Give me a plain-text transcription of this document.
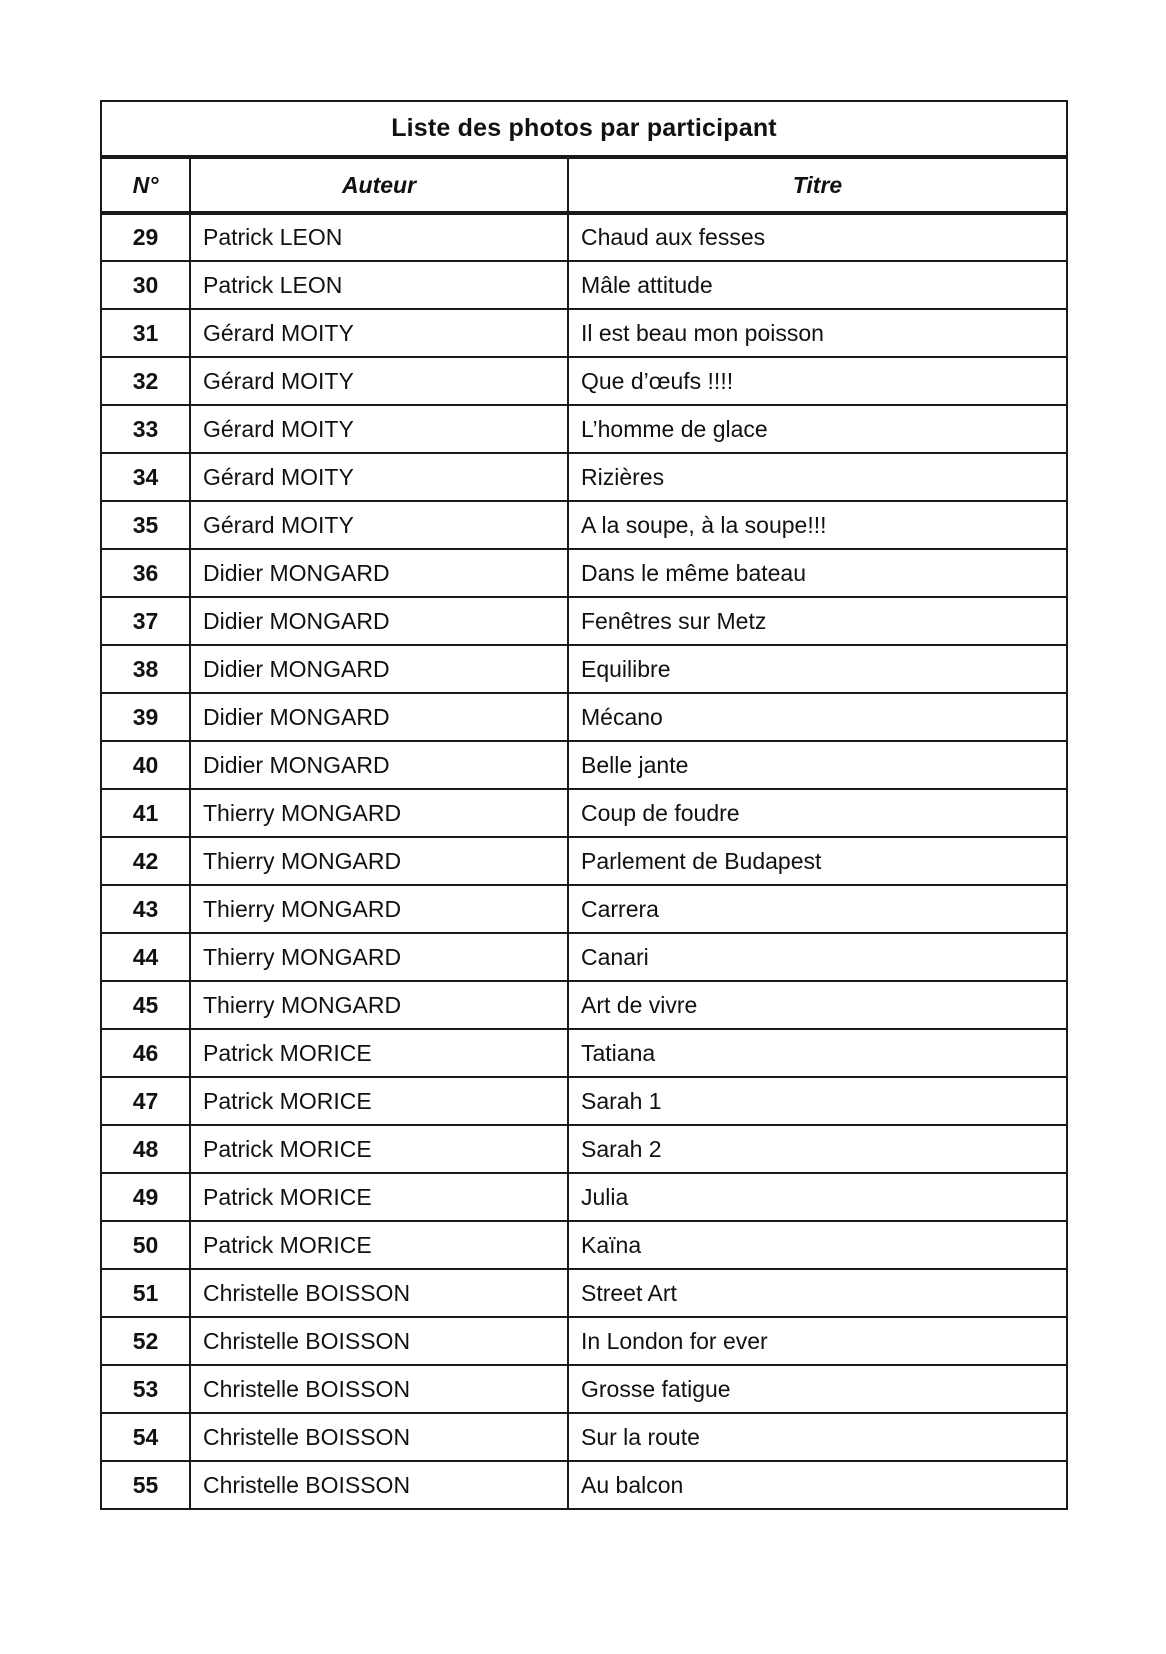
Liste des photos par participant		
N°	Auteur	Titre
29	Patrick LEON	Chaud aux fesses
30	Patrick LEON	Mâle attitude
31	Gérard MOITY	Il est beau mon poisson
32	Gérard MOITY	Que d’œufs !!!!
33	Gérard MOITY	L’homme de glace
34	Gérard MOITY	Rizières
35	Gérard MOITY	A la soupe, à la soupe!!!
36	Didier MONGARD	Dans le même bateau
37	Didier MONGARD	Fenêtres sur Metz
38	Didier MONGARD	Equilibre
39	Didier MONGARD	Mécano
40	Didier MONGARD	Belle jante
41	Thierry MONGARD	Coup de foudre
42	Thierry MONGARD	Parlement de Budapest
43	Thierry MONGARD	Carrera
44	Thierry MONGARD	Canari
45	Thierry MONGARD	Art de vivre
46	Patrick MORICE	Tatiana
47	Patrick MORICE	Sarah 1
48	Patrick MORICE	Sarah 2
49	Patrick MORICE	Julia
50	Patrick MORICE	Kaïna
51	Christelle BOISSON	Street Art
52	Christelle BOISSON	In London for ever
53	Christelle BOISSON	Grosse fatigue
54	Christelle BOISSON	Sur la route
55	Christelle BOISSON	Au balcon
